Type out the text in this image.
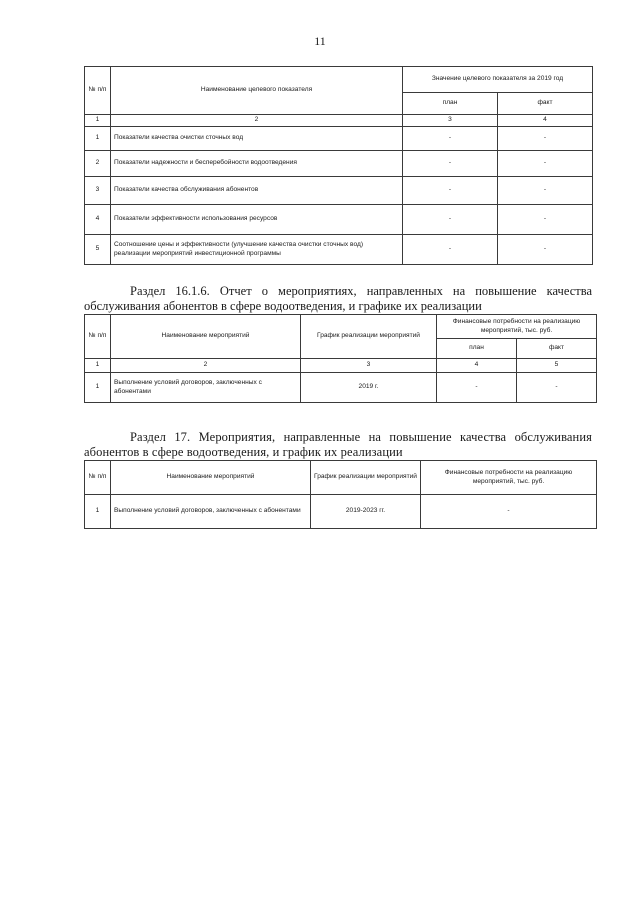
11
№ п/п	Наименование целевого показателя	Значение целевого показателя за 2019 год	
		план	факт
1	2	3	4
1	Показатели качества очистки сточных вод	-	-
2	Показатели надежности и бесперебойности водоотведения	-	-
3	Показатели качества обслуживания абонентов	-	-
4	Показатели эффективности использования ресурсов	-	-
5	Соотношение цены и эффективности (улучшение качества очистки сточных вод) реализации мероприятий инвестиционной программы	-	-

Раздел 16.1.6. Отчет о мероприятиях, направленных на повышение качества обслуживания абонентов в сфере водоотведения, и графике их реализации

№ п/п	Наименование мероприятий	График реализации мероприятий	Финансовые потребности на реализацию мероприятий, тыс. руб.	
			план	факт
1	2	3	4	5
1	Выполнение условий договоров, заключенных с абонентами	2019 г.	-	-

Раздел 17. Мероприятия, направленные на повышение качества обслуживания абонентов в сфере водоотведения, и график их реализации

№ п/п	Наименование мероприятий	График реализации мероприятий	Финансовые потребности на реализацию мероприятий, тыс. руб.
1	Выполнение условий договоров, заключенных с абонентами	2019-2023 гг.	-
